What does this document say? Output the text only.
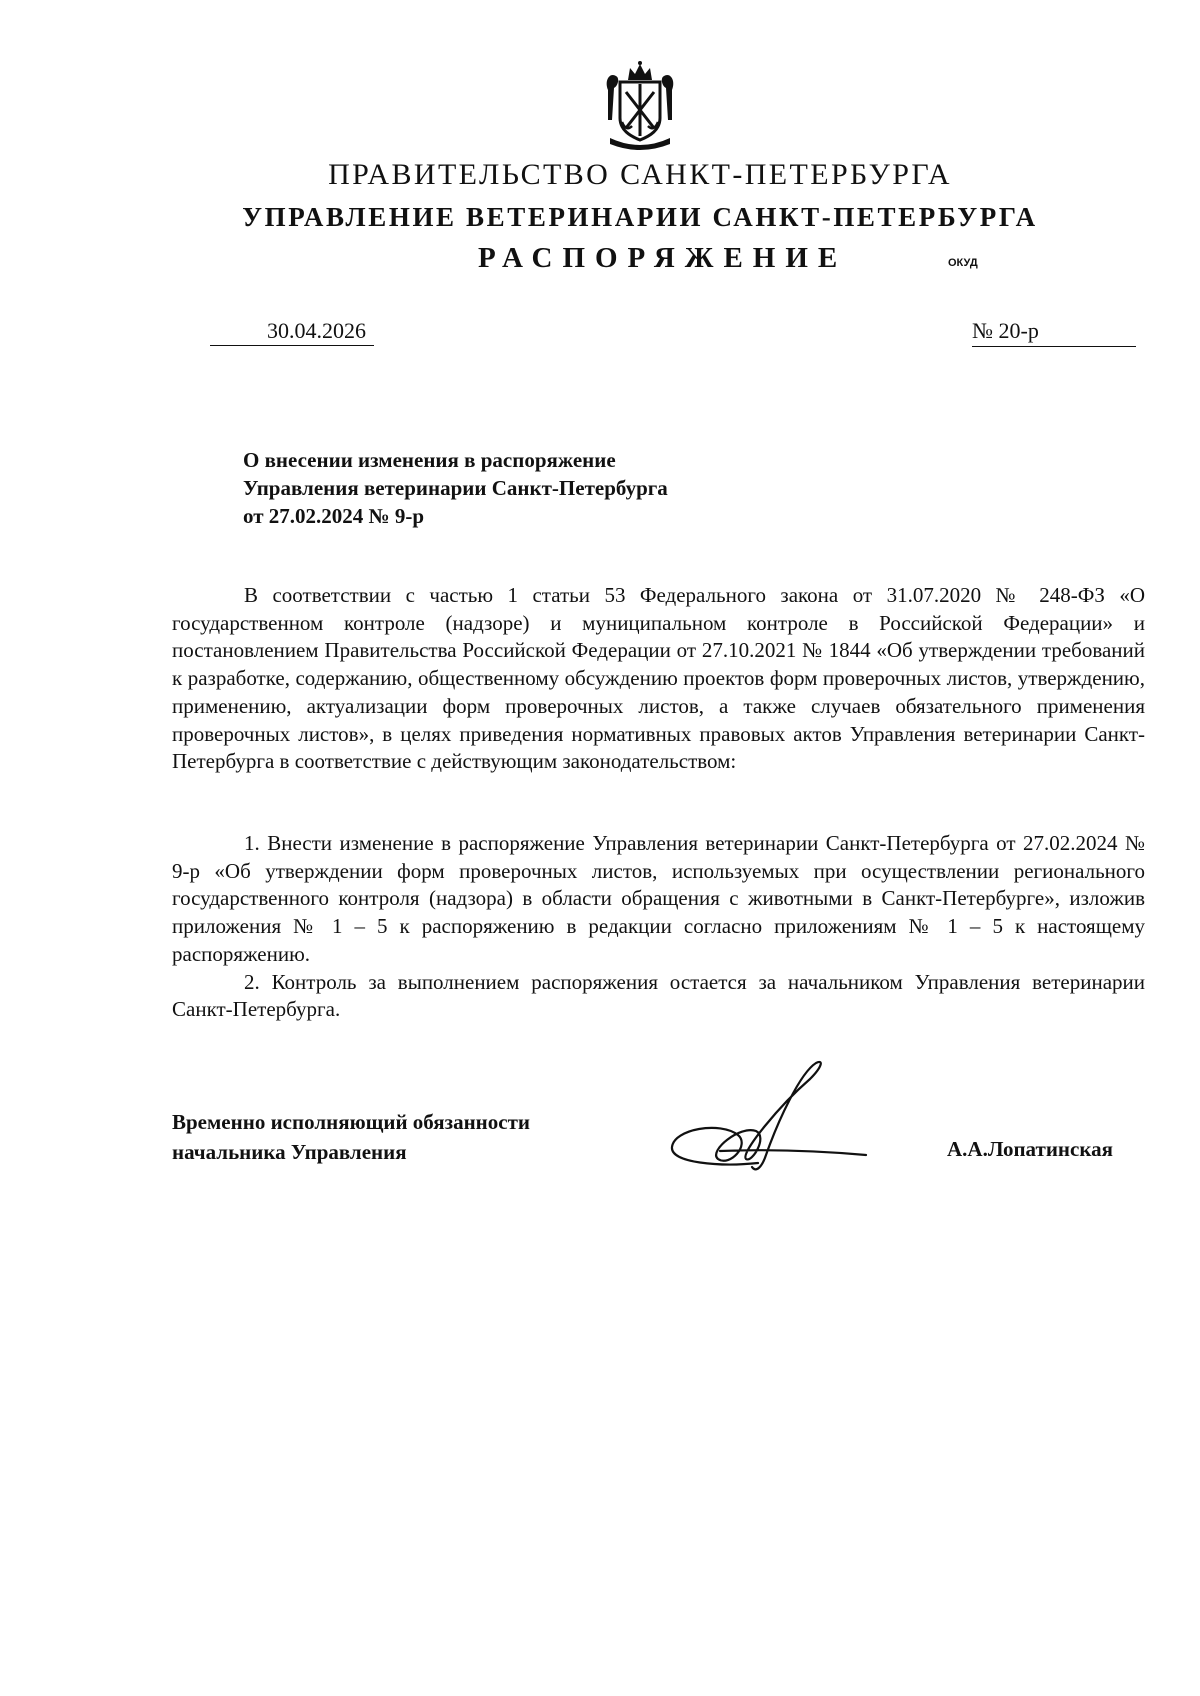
ПРАВИТЕЛЬСТВО САНКТ-ПЕТЕРБУРГА
УПРАВЛЕНИЕ ВЕТЕРИНАРИИ САНКТ-ПЕТЕРБУРГА
РАСПОРЯЖЕНИЕ	ОКУД
30.04.2026	№ 20-р
О внесении изменения в распоряжение
Управления ветеринарии Санкт-Петербурга
от 27.02.2024 № 9-р

В соответствии с частью 1 статьи 53 Федерального закона от 31.07.2020 № 248-ФЗ «О государственном контроле (надзоре) и муниципальном контроле в Российской Федерации» и постановлением Правительства Российской Федерации от 27.10.2021 № 1844 «Об утверждении требований к разработке, содержанию, общественному обсуждению проектов форм проверочных листов, утверждению, применению, актуализации форм проверочных листов, а также случаев обязательного применения проверочных листов», в целях приведения нормативных правовых актов Управления ветеринарии Санкт-Петербурга в соответствие с действующим законодательством:

1. Внести изменение в распоряжение Управления ветеринарии Санкт-Петербурга от 27.02.2024 № 9-р «Об утверждении форм проверочных листов, используемых при осуществлении регионального государственного контроля (надзора) в области обращения с животными в Санкт-Петербурге», изложив приложения № 1 – 5 к распоряжению в редакции согласно приложениям № 1 – 5 к настоящему распоряжению.

2. Контроль за выполнением распоряжения остается за начальником Управления ветеринарии Санкт-Петербурга.

Временно исполняющий обязанности
начальника Управления	А.А.Лопатинская
